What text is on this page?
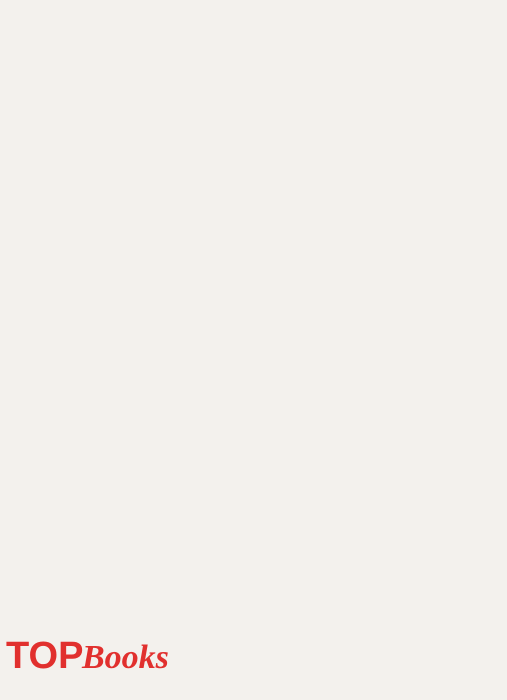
TOP
Books
